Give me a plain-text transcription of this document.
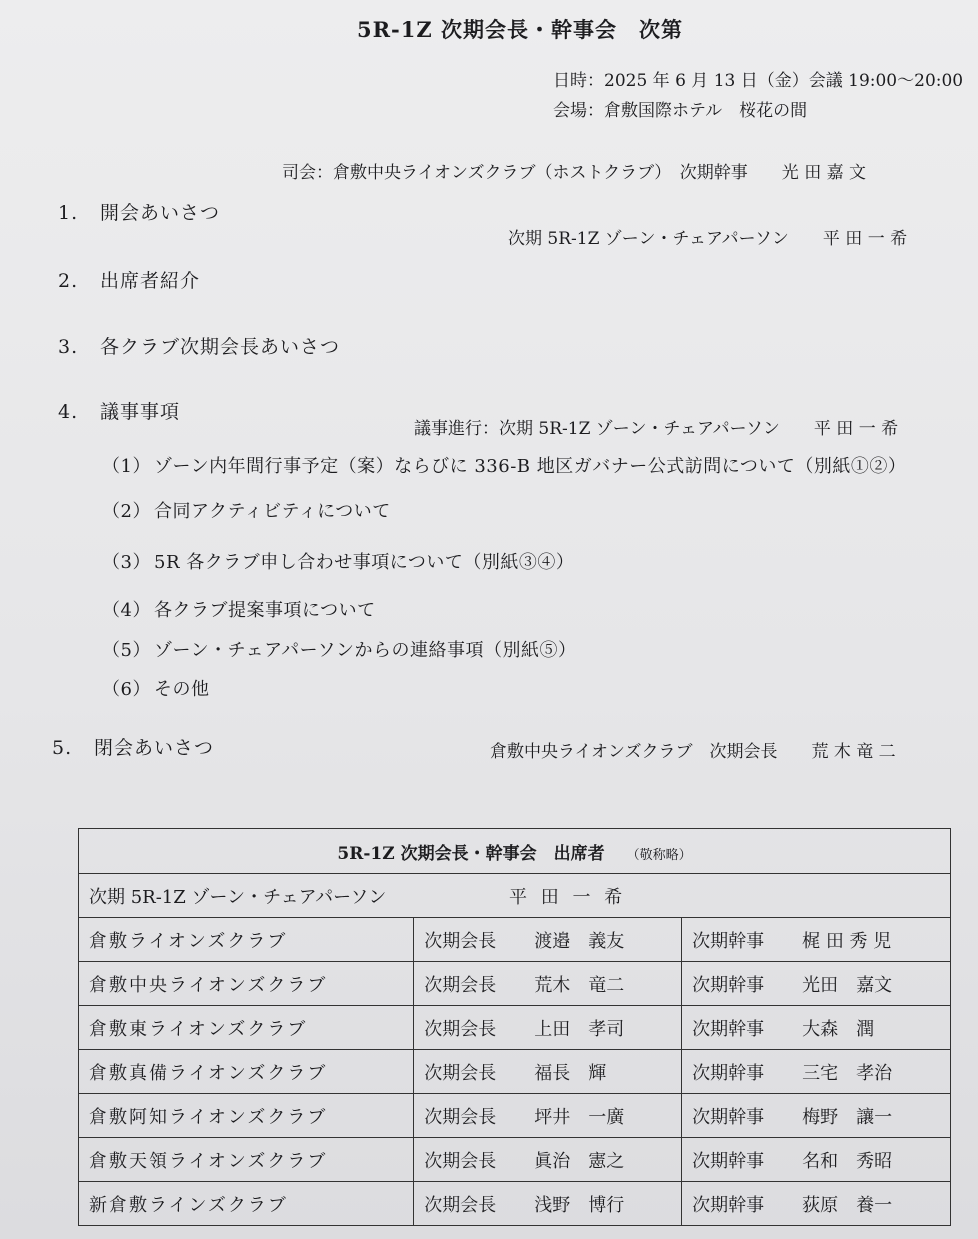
5R-1Z 次期会長・幹事会　次第
日時：2025 年 6 月 13 日（金）会議 19:00～20:00
会場：倉敷国際ホテル　桜花の間
司会：倉敷中央ライオンズクラブ（ホストクラブ）　次期幹事　　光 田 嘉 文
1. 開会あいさつ
次期 5R-1Z ゾーン・チェアパーソン　　平 田 一 希
2. 出席者紹介
3. 各クラブ次期会長あいさつ
4. 議事事項
議事進行：次期 5R-1Z ゾーン・チェアパーソン　　平 田 一 希
（1） ゾーン内年間行事予定（案）ならびに 336-B 地区ガバナー公式訪問について（別紙①②）
（2） 合同アクティビティについて
（3） 5R 各クラブ申し合わせ事項について（別紙③④）
（4） 各クラブ提案事項について
（5） ゾーン・チェアパーソンからの連絡事項（別紙⑤）
（6） その他
5. 閉会あいさつ	倉敷中央ライオンズクラブ　次期会長　　荒 木 竜 二
5R-1Z 次期会長・幹事会　出席者 （敬称略）		
次期 5R-1Z ゾーン・チェアパーソン 平 田 一 希		
倉敷ライオンズクラブ	次期会長 渡邉　義友	次期幹事 梶 田 秀 児
倉敷中央ライオンズクラブ	次期会長 荒木　竜二	次期幹事 光田　嘉文
倉敷東ライオンズクラブ	次期会長 上田　孝司	次期幹事 大森　潤
倉敷真備ライオンズクラブ	次期会長 福長　輝	次期幹事 三宅　孝治
倉敷阿知ライオンズクラブ	次期会長 坪井　一廣	次期幹事 梅野　讓一
倉敷天領ライオンズクラブ	次期会長 眞治　憲之	次期幹事 名和　秀昭
新倉敷ラインズクラブ	次期会長 浅野　博行	次期幹事 荻原　養一
